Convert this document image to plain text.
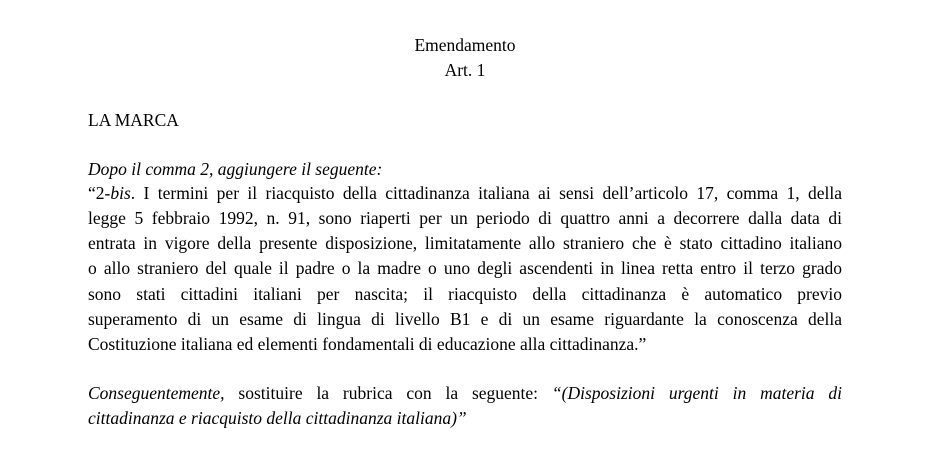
Emendamento
Art. 1
LA MARCA
Dopo il comma 2, aggiungere il seguente:
“2-bis. I termini per il riacquisto della cittadinanza italiana ai sensi dell’articolo 17, comma 1, della
legge 5 febbraio 1992, n. 91, sono riaperti per un periodo di quattro anni a decorrere dalla data di
entrata in vigore della presente disposizione, limitatamente allo straniero che è stato cittadino italiano
o allo straniero del quale il padre o la madre o uno degli ascendenti in linea retta entro il terzo grado
sono stati cittadini italiani per nascita; il riacquisto della cittadinanza è automatico previo
superamento di un esame di lingua di livello B1 e di un esame riguardante la conoscenza della
Costituzione italiana ed elementi fondamentali di educazione alla cittadinanza.”
Conseguentemente, sostituire la rubrica con la seguente: “(Disposizioni urgenti in materia di
cittadinanza e riacquisto della cittadinanza italiana)”
